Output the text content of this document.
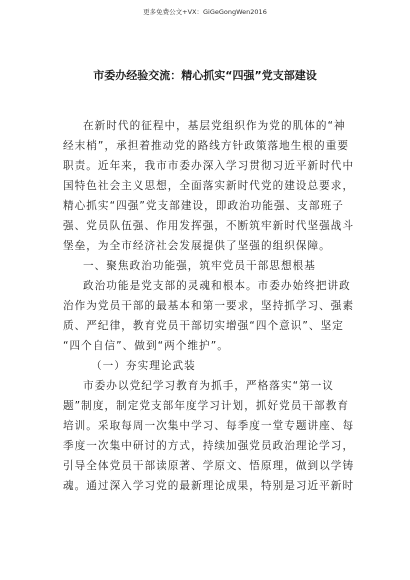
更多免费公文+VX：GiGeGongWen2016
市委办经验交流：精心抓实“四强”党支部建设
在新时代的征程中，基层党组织作为党的肌体的“神
经末梢”，承担着推动党的路线方针政策落地生根的重要
职责。近年来，我市市委办深入学习贯彻习近平新时代中
国特色社会主义思想，全面落实新时代党的建设总要求，
精心抓实“四强”党支部建设，即政治功能强、支部班子
强、党员队伍强、作用发挥强，不断筑牢新时代坚强战斗
堡垒，为全市经济社会发展提供了坚强的组织保障。
一、聚焦政治功能强，筑牢党员干部思想根基
政治功能是党支部的灵魂和根本。市委办始终把讲政
治作为党员干部的最基本和第一要求，坚持抓学习、强素
质、严纪律，教育党员干部切实增强“四个意识”、坚定
“四个自信”、做到“两个维护”。
（一）夯实理论武装
市委办以党纪学习教育为抓手，严格落实“第一议
题”制度，制定党支部年度学习计划，抓好党员干部教育
培训。采取每周一次集中学习、每季度一堂专题讲座、每
季度一次集中研讨的方式，持续加强党员政治理论学习，
引导全体党员干部读原著、学原文、悟原理，做到以学铸
魂。通过深入学习党的最新理论成果，特别是习近平新时
